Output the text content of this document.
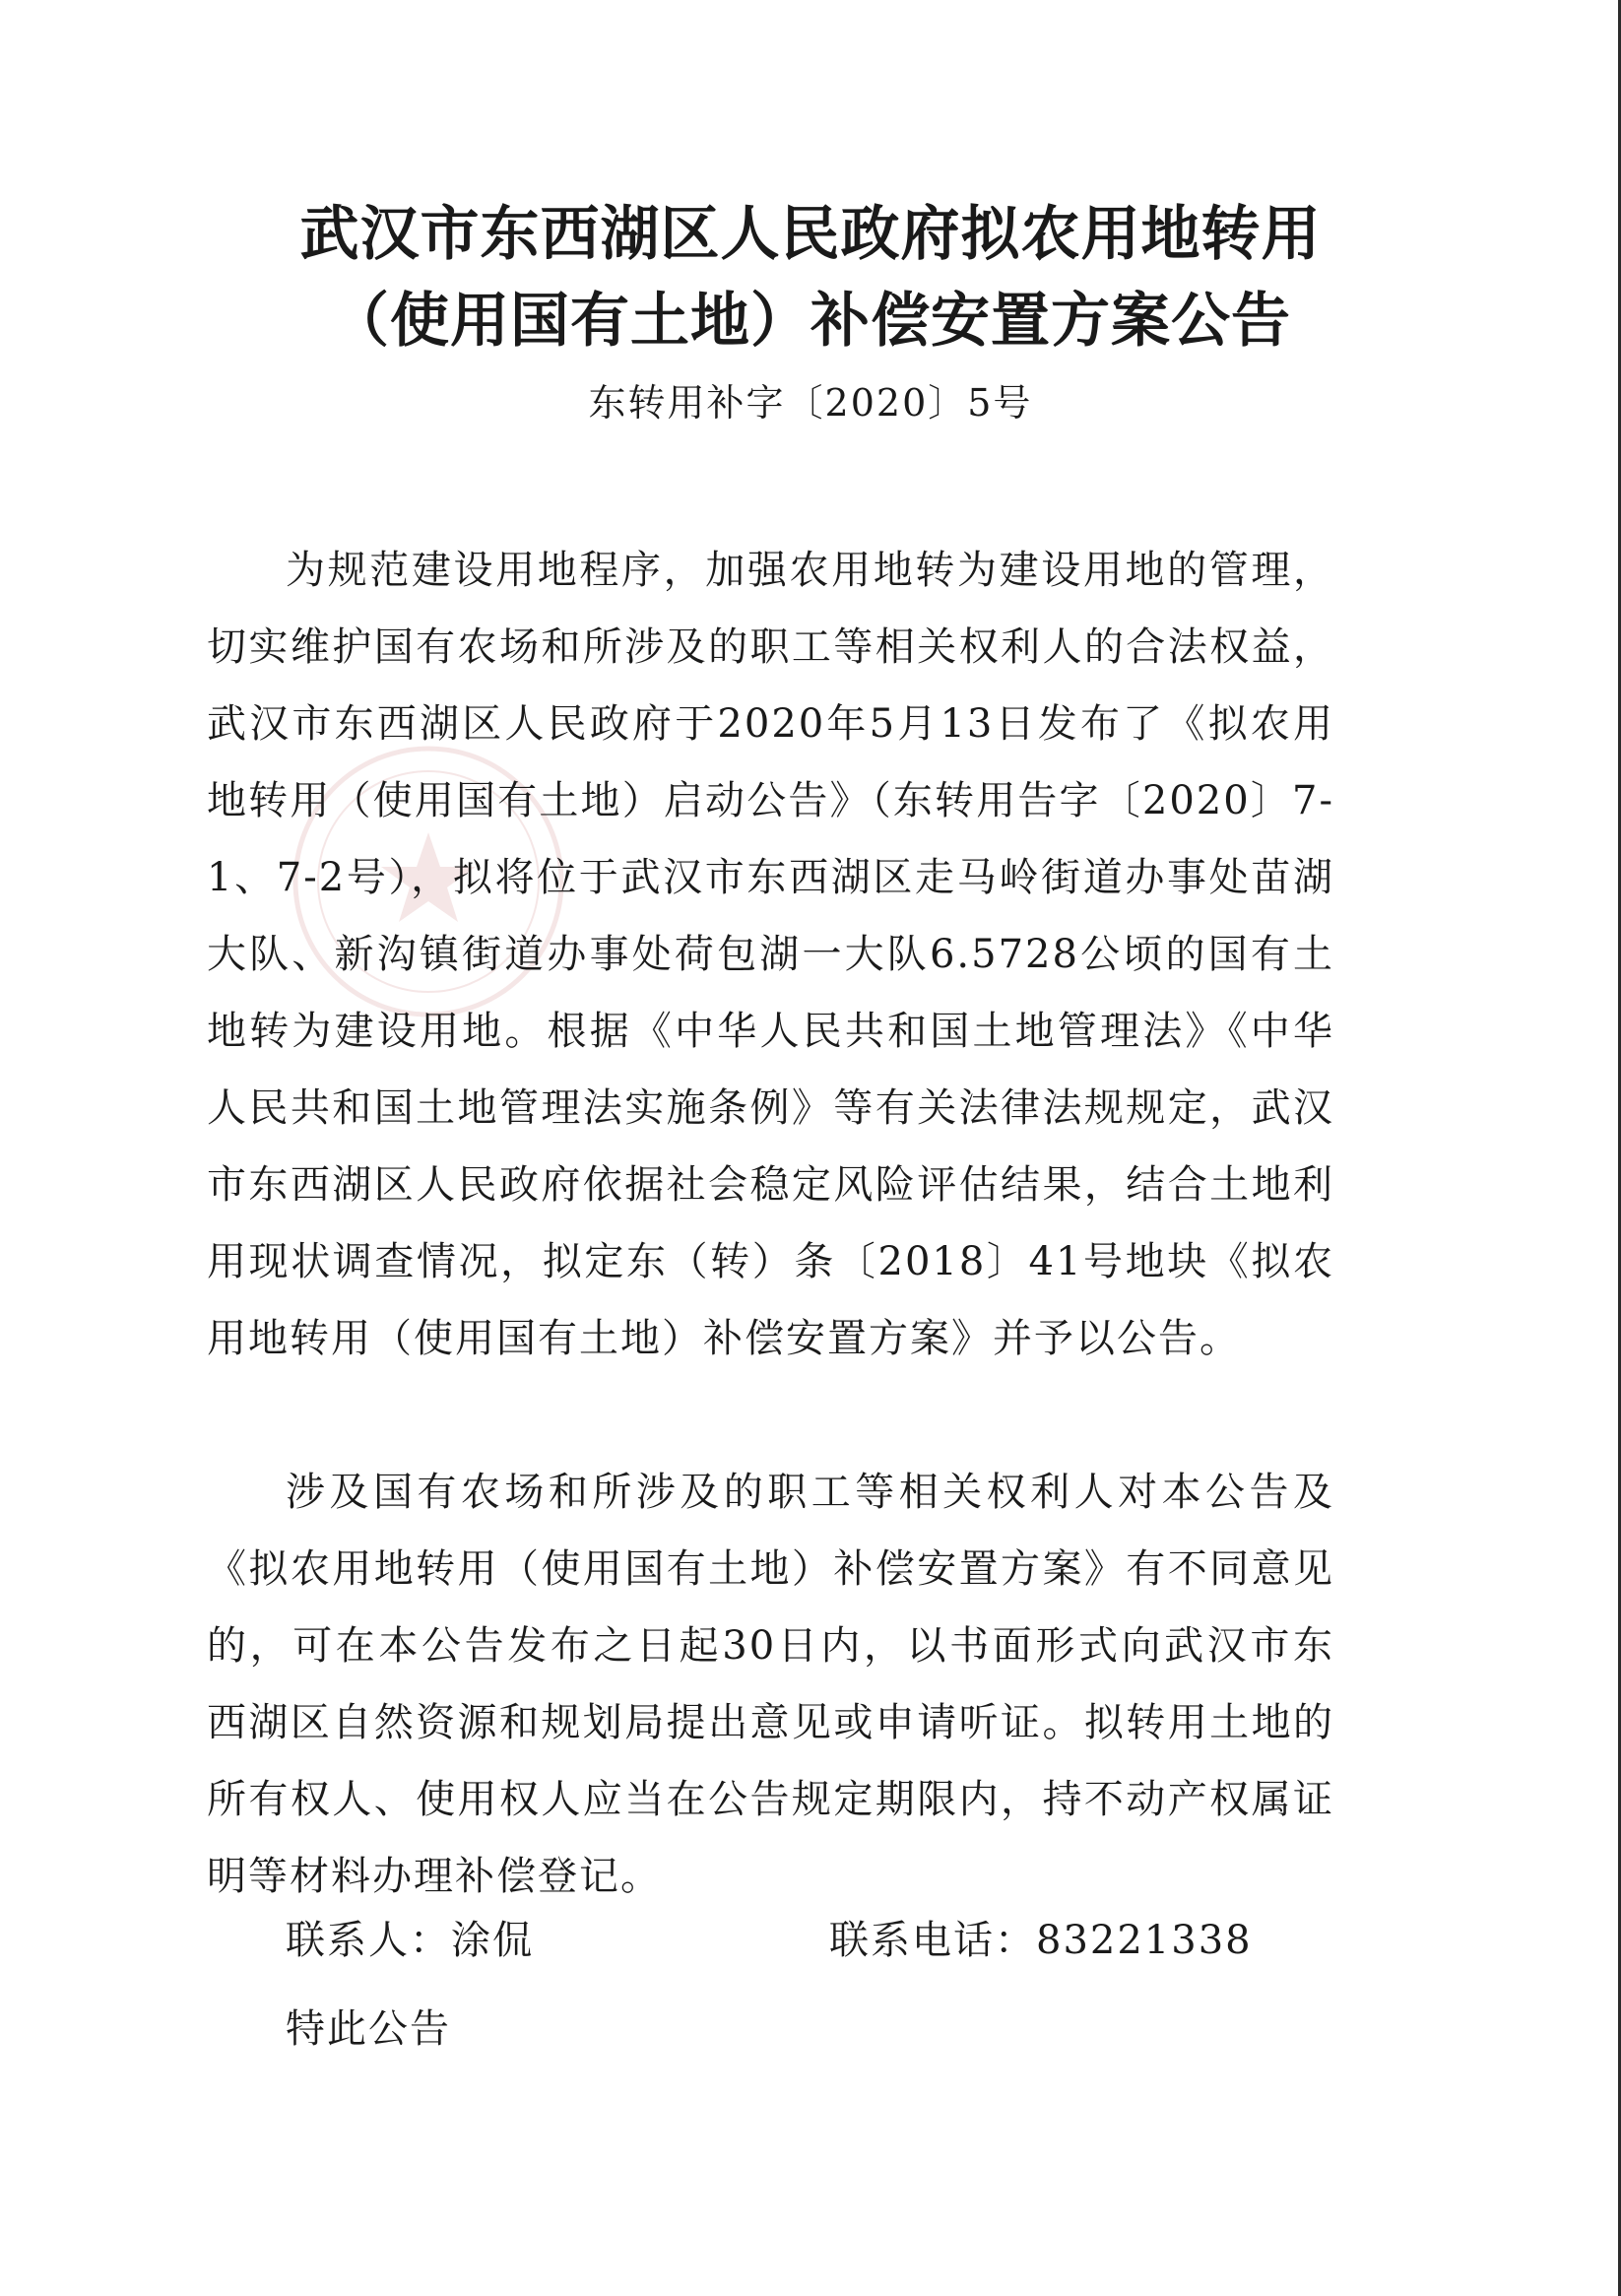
武汉市东西湖区人民政府拟农用地转用
（使用国有土地）补偿安置方案公告
东转用补字〔2020〕5号

为规范建设用地程序，加强农用地转为建设用地的管理，切实维护国有农场和所涉及的职工等相关权利人的合法权益，武汉市东西湖区人民政府于2020年5月13日发布了《拟农用地转用（使用国有土地）启动公告》（东转用告字〔2020〕7-1、7-2号），拟将位于武汉市东西湖区走马岭街道办事处苗湖大队、新沟镇街道办事处荷包湖一大队6.5728公顷的国有土地转为建设用地。根据《中华人民共和国土地管理法》《中华人民共和国土地管理法实施条例》等有关法律法规规定，武汉市东西湖区人民政府依据社会稳定风险评估结果，结合土地利用现状调查情况，拟定东（转）条〔2018〕41号地块《拟农用地转用（使用国有土地）补偿安置方案》并予以公告。

涉及国有农场和所涉及的职工等相关权利人对本公告及《拟农用地转用（使用国有土地）补偿安置方案》有不同意见的，可在本公告发布之日起30日内，以书面形式向武汉市东西湖区自然资源和规划局提出意见或申请听证。拟转用土地的所有权人、使用权人应当在公告规定期限内，持不动产权属证明等材料办理补偿登记。

联系人：涂侃	联系电话：83221338
特此公告
